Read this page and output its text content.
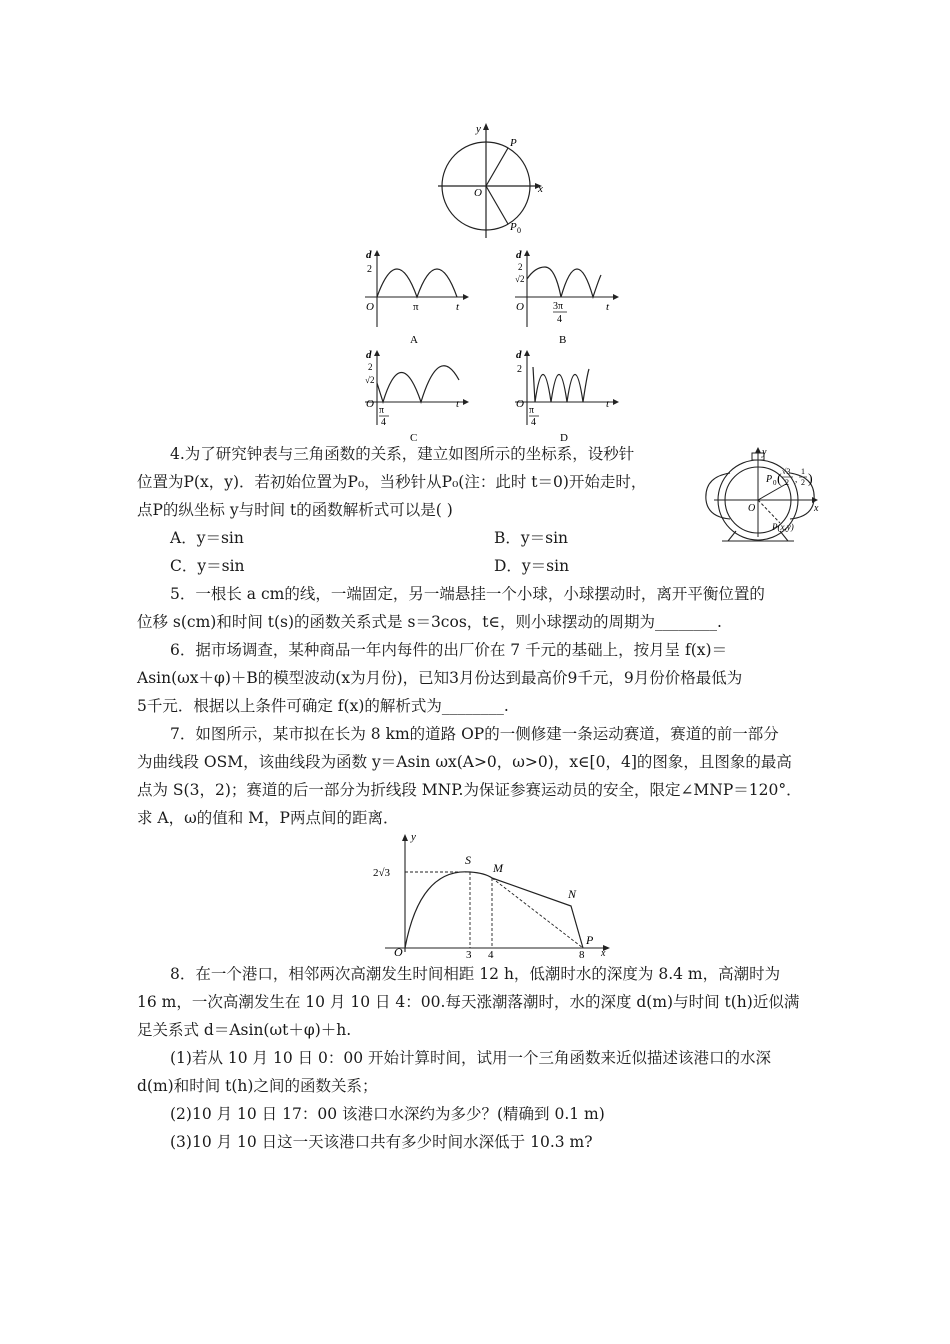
y
x
O
P
P 0
d
2
O	π	t
A
d
2
√2
O	3π
4
t
B
d
2
√2
O
π
4
t
C
d
2
O
π
4
t
D
4.为了研究钟表与三角函数的关系，建立如图所示的坐标系，设秒针
位置为P(x，y)．若初始位置为P₀，当秒针从P₀(注：此时 t＝0)开始走时，
点P的纵坐标 y与时间 t的函数解析式可以是( )
A．y＝sin	B．y＝sin
C．y＝sin	D．y＝sin
y
x
O
P 0 (
√3
2 ,
1
2 )
P(x,y)
5．一根长 a cm的线，一端固定，另一端悬挂一个小球，小球摆动时，离开平衡位置的
位移 s(cm)和时间 t(s)的函数关系式是 s＝3cos，t∈，则小球摆动的周期为________.
6．据市场调查，某种商品一年内每件的出厂价在 7 千元的基础上，按月呈 f(x)＝
Asin(ωx＋φ)＋B的模型波动(x为月份)，已知3月份达到最高价9千元，9月份价格最低为
5千元．根据以上条件可确定 f(x)的解析式为________.
7．如图所示，某市拟在长为 8 km的道路 OP的一侧修建一条运动赛道，赛道的前一部分
为曲线段 OSM，该曲线段为函数 y＝Asin ωx(A>0，ω>0)，x∈[0，4]的图象，且图象的最高
点为 S(3，2)；赛道的后一部分为折线段 MNP.为保证参赛运动员的安全，限定∠MNP＝120°．
求 A，ω的值和 M，P两点间的距离．
y
2√3
S
M
N
P
O	x
3 4	8
8．在一个港口，相邻两次高潮发生时间相距 12 h，低潮时水的深度为 8.4 m，高潮时为
16 m，一次高潮发生在 10 月 10 日 4：00.每天涨潮落潮时，水的深度 d(m)与时间 t(h)近似满
足关系式 d＝Asin(ωt＋φ)＋h.
(1)若从 10 月 10 日 0：00 开始计算时间，试用一个三角函数来近似描述该港口的水深
d(m)和时间 t(h)之间的函数关系；
(2)10 月 10 日 17：00 该港口水深约为多少？(精确到 0.1 m)
(3)10 月 10 日这一天该港口共有多少时间水深低于 10.3 m?
